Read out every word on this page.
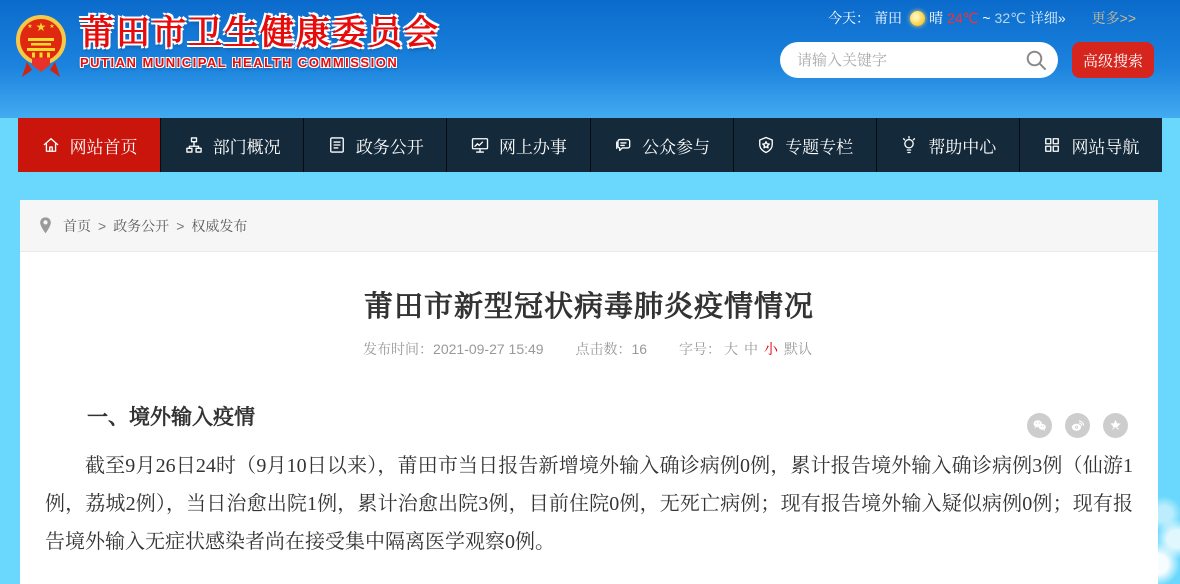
★
★	★ 莆田市卫生健康委员会
PUTIAN MUNICIPAL HEALTH COMMISSION
今天： 莆田 晴 24℃ ~ 32℃ 详细» 更多>>
请输入关键字
高级搜索
网站首页	部门概况	政务公开	网上办事	公众参与	专题专栏	帮助中心	网站导航
首页 > 政务公开 > 权威发布
莆田市新型冠状病毒肺炎疫情情况
发布时间：2021-09-27 15:49 点击数：16 字号： 大 中 小 默认
一、境外输入疫情

截至9月26日24时（9月10日以来），莆田市当日报告新增境外输入确诊病例0例，累计报告境外输入确诊病例3例（仙游1例，荔城2例），当日治愈出院1例，累计治愈出院3例，目前住院0例，无死亡病例；现有报告境外输入疑似病例0例；现有报告境外输入无症状感染者尚在接受集中隔离医学观察0例。
